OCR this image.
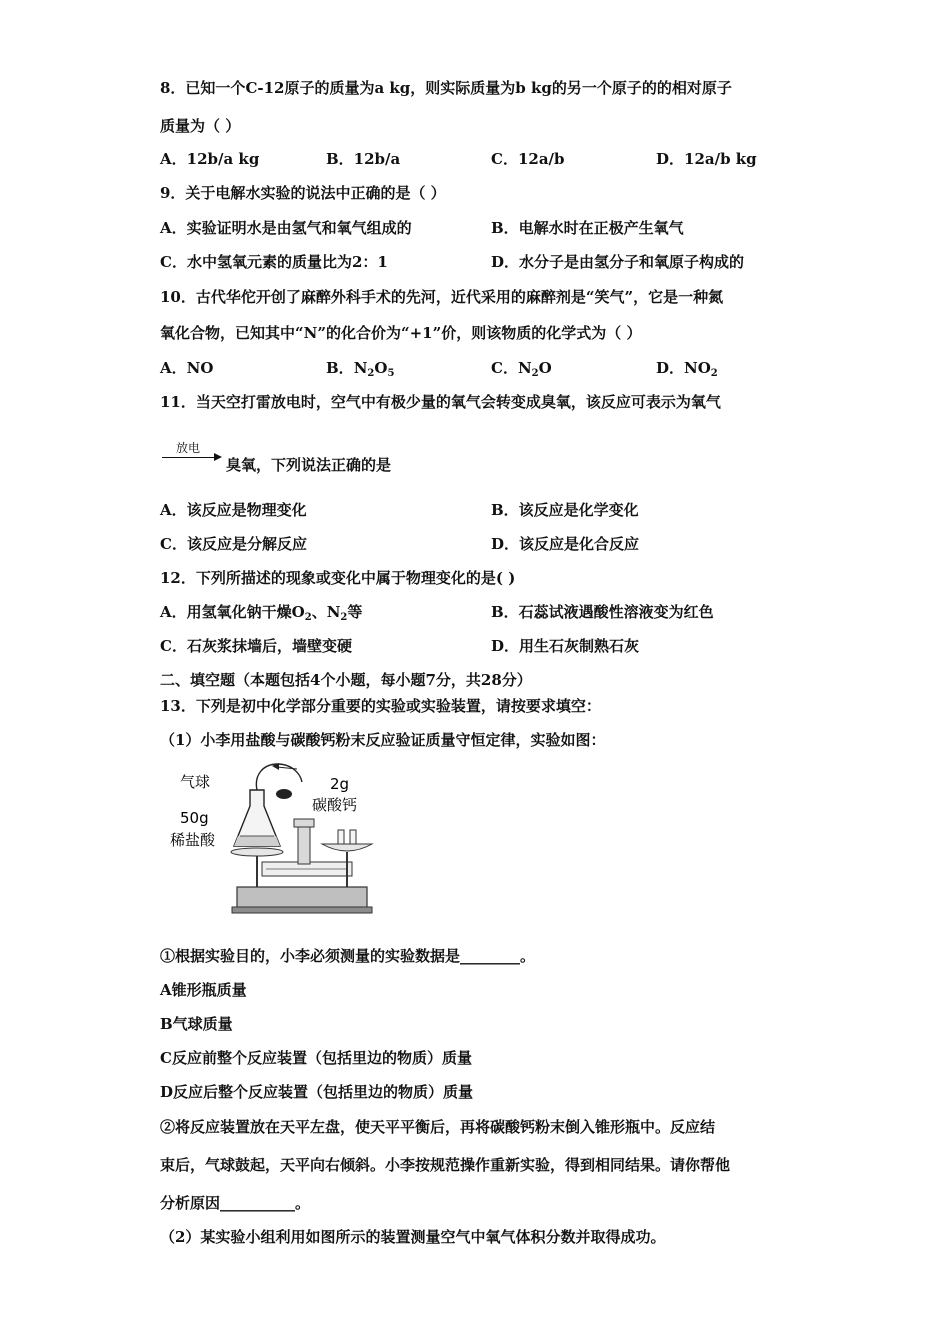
8．已知一个C-12原子的质量为a kg，则实际质量为b kg的另一个原子的的相对原子
质量为（ ）
A．12b/a kg	B．12b/a	C．12a/b	D．12a/b kg
9．关于电解水实验的说法中正确的是（ ）
A．实验证明水是由氢气和氧气组成的	B．电解水时在正极产生氧气
C．水中氢氧元素的质量比为2：1	D．水分子是由氢分子和氧原子构成的
10．古代华佗开创了麻醉外科手术的先河，近代采用的麻醉剂是“笑气”，它是一种氮
氧化合物，已知其中“N”的化合价为“+1”价，则该物质的化学式为（ ）
A．NO	B．$N_2O_5$	C．$N_2O$	D．$NO_2$
11．当天空打雷放电时，空气中有极少量的氧气会转变成臭氧，该反应可表示为氧气
放电
臭氧，下列说法正确的是
A．该反应是物理变化	B．该反应是化学变化
C．该反应是分解反应	D．该反应是化合反应
12．下列所描述的现象或变化中属于物理变化的是( )
A．用氢氧化钠干燥$O_2$、$N_2$等	B．石蕊试液遇酸性溶液变为红色
C．石灰浆抹墙后，墙壁变硬	D．用生石灰制熟石灰
二、填空题（本题包括4个小题，每小题7分，共28分）
13．下列是初中化学部分重要的实验或实验装置，请按要求填空：
（1）小李用盐酸与碳酸钙粉末反应验证质量守恒定律，实验如图：
气球	2g
碳酸钙
50g
稀盐酸
①根据实验目的，小李必须测量的实验数据是________。
A锥形瓶质量
B气球质量
C反应前整个反应装置（包括里边的物质）质量
D反应后整个反应装置（包括里边的物质）质量
②将反应装置放在天平左盘，使天平平衡后，再将碳酸钙粉末倒入锥形瓶中。反应结
束后，气球鼓起，天平向右倾斜。小李按规范操作重新实验，得到相同结果。请你帮他
分析原因__________。
（2）某实验小组利用如图所示的装置测量空气中氧气体积分数并取得成功。
